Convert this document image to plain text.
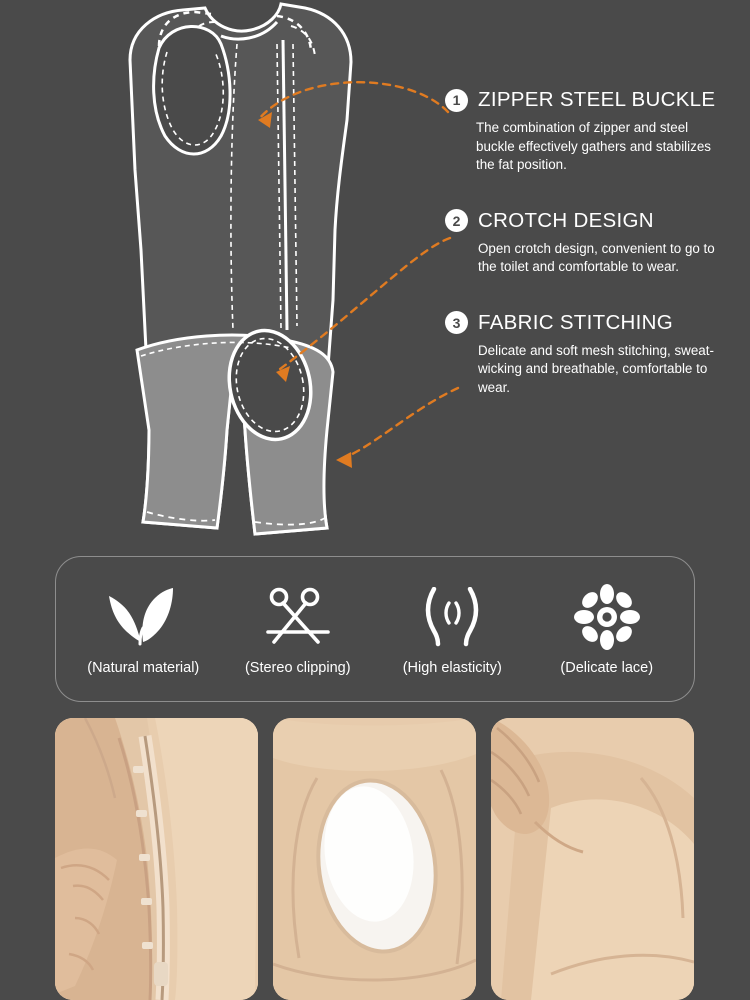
1 ZIPPER STEEL BUCKLE
The combination of zipper and steel buckle effectively gathers and stabilizes the fat position.
2 CROTCH DESIGN
Open crotch design, convenient to go to the toilet and comfortable to wear.
3 FABRIC STITCHING
Delicate and soft mesh stitching, sweat-wicking and breathable, comfortable to wear.
(Natural material)	(Stereo clipping)	(High elasticity)	(Delicate lace)
